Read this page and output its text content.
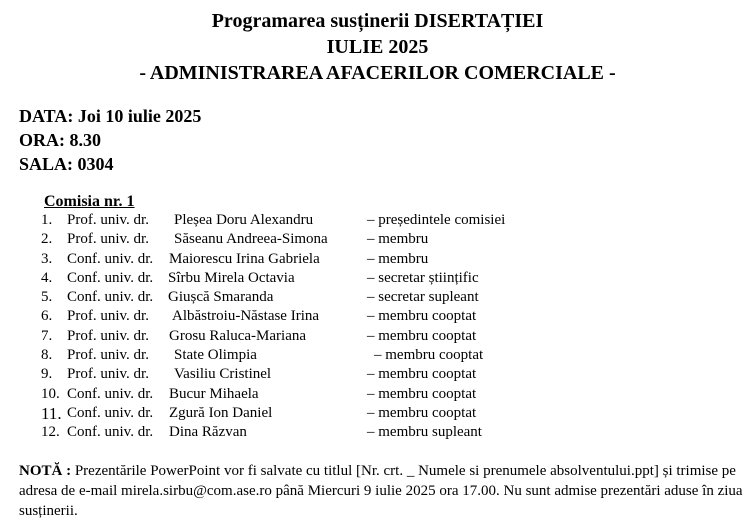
Programarea susținerii DISERTAȚIEI
IULIE 2025
- ADMINISTRAREA AFACERILOR COMERCIALE -
DATA: Joi 10 iulie 2025
ORA: 8.30
SALA: 0304
Comisia nr. 1
1. Prof. univ. dr. Pleșea Doru Alexandru	– președintele comisiei
2. Prof. univ. dr. Săseanu Andreea-Simona	– membru
3. Conf. univ. dr. Maiorescu Irina Gabriela	– membru
4. Conf. univ. dr. Sîrbu Mirela Octavia	– secretar științific
5. Conf. univ. dr. Giușcă Smaranda	– secretar supleant
6. Prof. univ. dr. Albăstroiu-Năstase Irina	– membru cooptat
7. Prof. univ. dr. Grosu Raluca-Mariana	– membru cooptat
8. Prof. univ. dr. State Olimpia	– membru cooptat
9. Prof. univ. dr. Vasiliu Cristinel	– membru cooptat
10. Conf. univ. dr. Bucur Mihaela	– membru cooptat
11. Conf. univ. dr. Zgură Ion Daniel	– membru cooptat
12. Conf. univ. dr. Dina Răzvan	– membru supleant
NOTĂ : Prezentările PowerPoint vor fi salvate cu titlul [Nr. crt. _ Numele si prenumele absolventului.ppt] și trimise pe adresa de e-mail mirela.sirbu@com.ase.ro până Miercuri 9 iulie 2025 ora 17.00. Nu sunt admise prezentări aduse în ziua susținerii.
